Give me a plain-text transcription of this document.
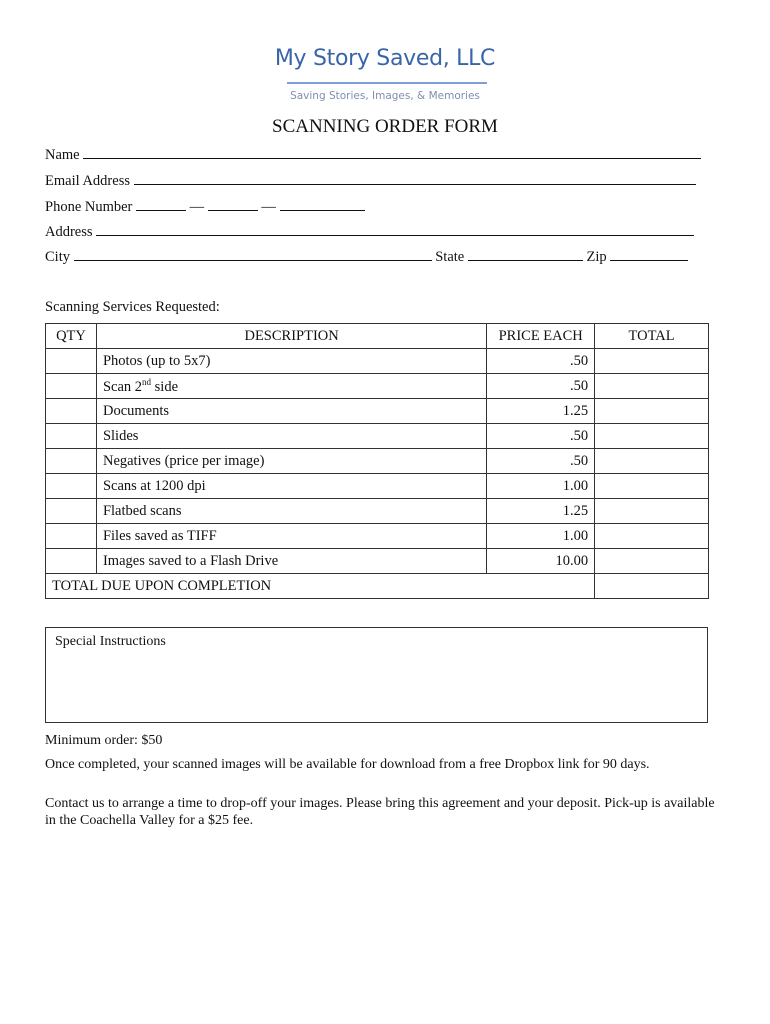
My Story Saved, LLC
Saving Stories, Images, & Memories
SCANNING ORDER FORM
Name
Email Address
Phone Number	—	—
Address
City	State	Zip
Scanning Services Requested:
QTY	DESCRIPTION	PRICE EACH	TOTAL
	Photos (up to 5x7)	.50	
	Scan 2nd side	.50	
	Documents	1.25	
	Slides	.50	
	Negatives (price per image)	.50	
	Scans at 1200 dpi	1.00	
	Flatbed scans	1.25	
	Files saved as TIFF	1.00	
	Images saved to a Flash Drive	10.00	
TOTAL DUE UPON COMPLETION			
Special Instructions
Minimum order: $50
Once completed, your scanned images will be available for download from a free Dropbox link for 90 days.
Contact us to arrange a time to drop-off your images. Please bring this agreement and your deposit. Pick-up is available in the Coachella Valley for a $25 fee.
